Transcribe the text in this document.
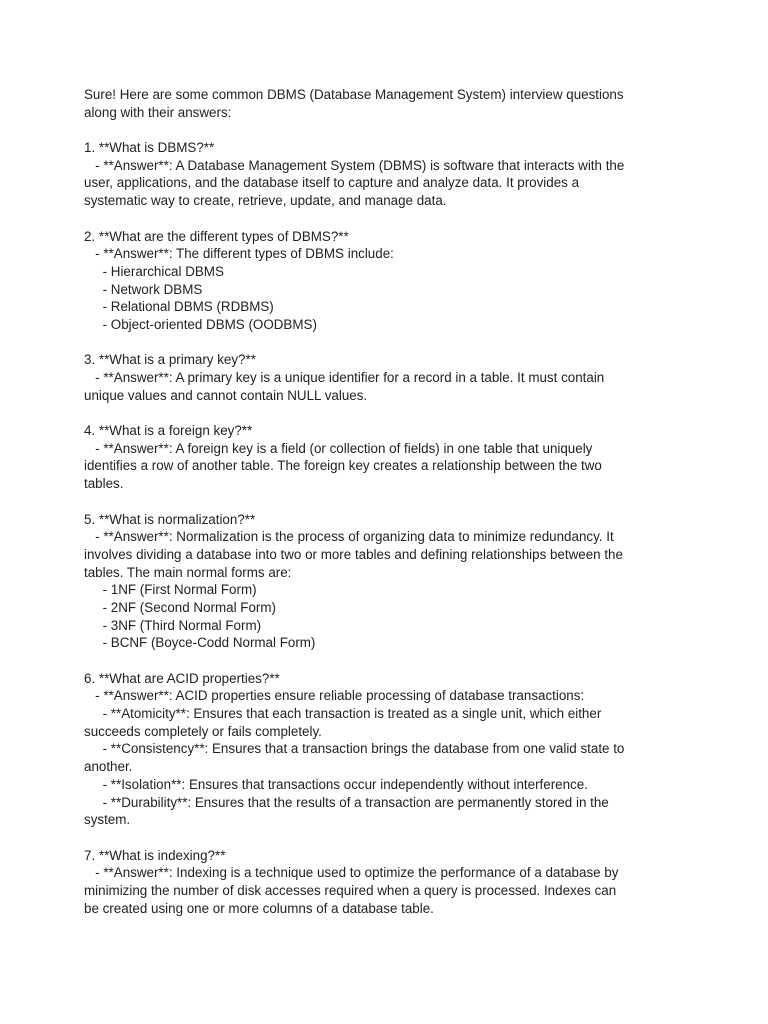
Sure! Here are some common DBMS (Database Management System) interview questions
along with their answers:
1. **What is DBMS?**
- **Answer**: A Database Management System (DBMS) is software that interacts with the
user, applications, and the database itself to capture and analyze data. It provides a
systematic way to create, retrieve, update, and manage data.
2. **What are the different types of DBMS?**
- **Answer**: The different types of DBMS include:
- Hierarchical DBMS
- Network DBMS
- Relational DBMS (RDBMS)
- Object-oriented DBMS (OODBMS)
3. **What is a primary key?**
- **Answer**: A primary key is a unique identifier for a record in a table. It must contain
unique values and cannot contain NULL values.
4. **What is a foreign key?**
- **Answer**: A foreign key is a field (or collection of fields) in one table that uniquely
identifies a row of another table. The foreign key creates a relationship between the two
tables.
5. **What is normalization?**
- **Answer**: Normalization is the process of organizing data to minimize redundancy. It
involves dividing a database into two or more tables and defining relationships between the
tables. The main normal forms are:
- 1NF (First Normal Form)
- 2NF (Second Normal Form)
- 3NF (Third Normal Form)
- BCNF (Boyce-Codd Normal Form)
6. **What are ACID properties?**
- **Answer**: ACID properties ensure reliable processing of database transactions:
- **Atomicity**: Ensures that each transaction is treated as a single unit, which either
succeeds completely or fails completely.
- **Consistency**: Ensures that a transaction brings the database from one valid state to
another.
- **Isolation**: Ensures that transactions occur independently without interference.
- **Durability**: Ensures that the results of a transaction are permanently stored in the
system.
7. **What is indexing?**
- **Answer**: Indexing is a technique used to optimize the performance of a database by
minimizing the number of disk accesses required when a query is processed. Indexes can
be created using one or more columns of a database table.
